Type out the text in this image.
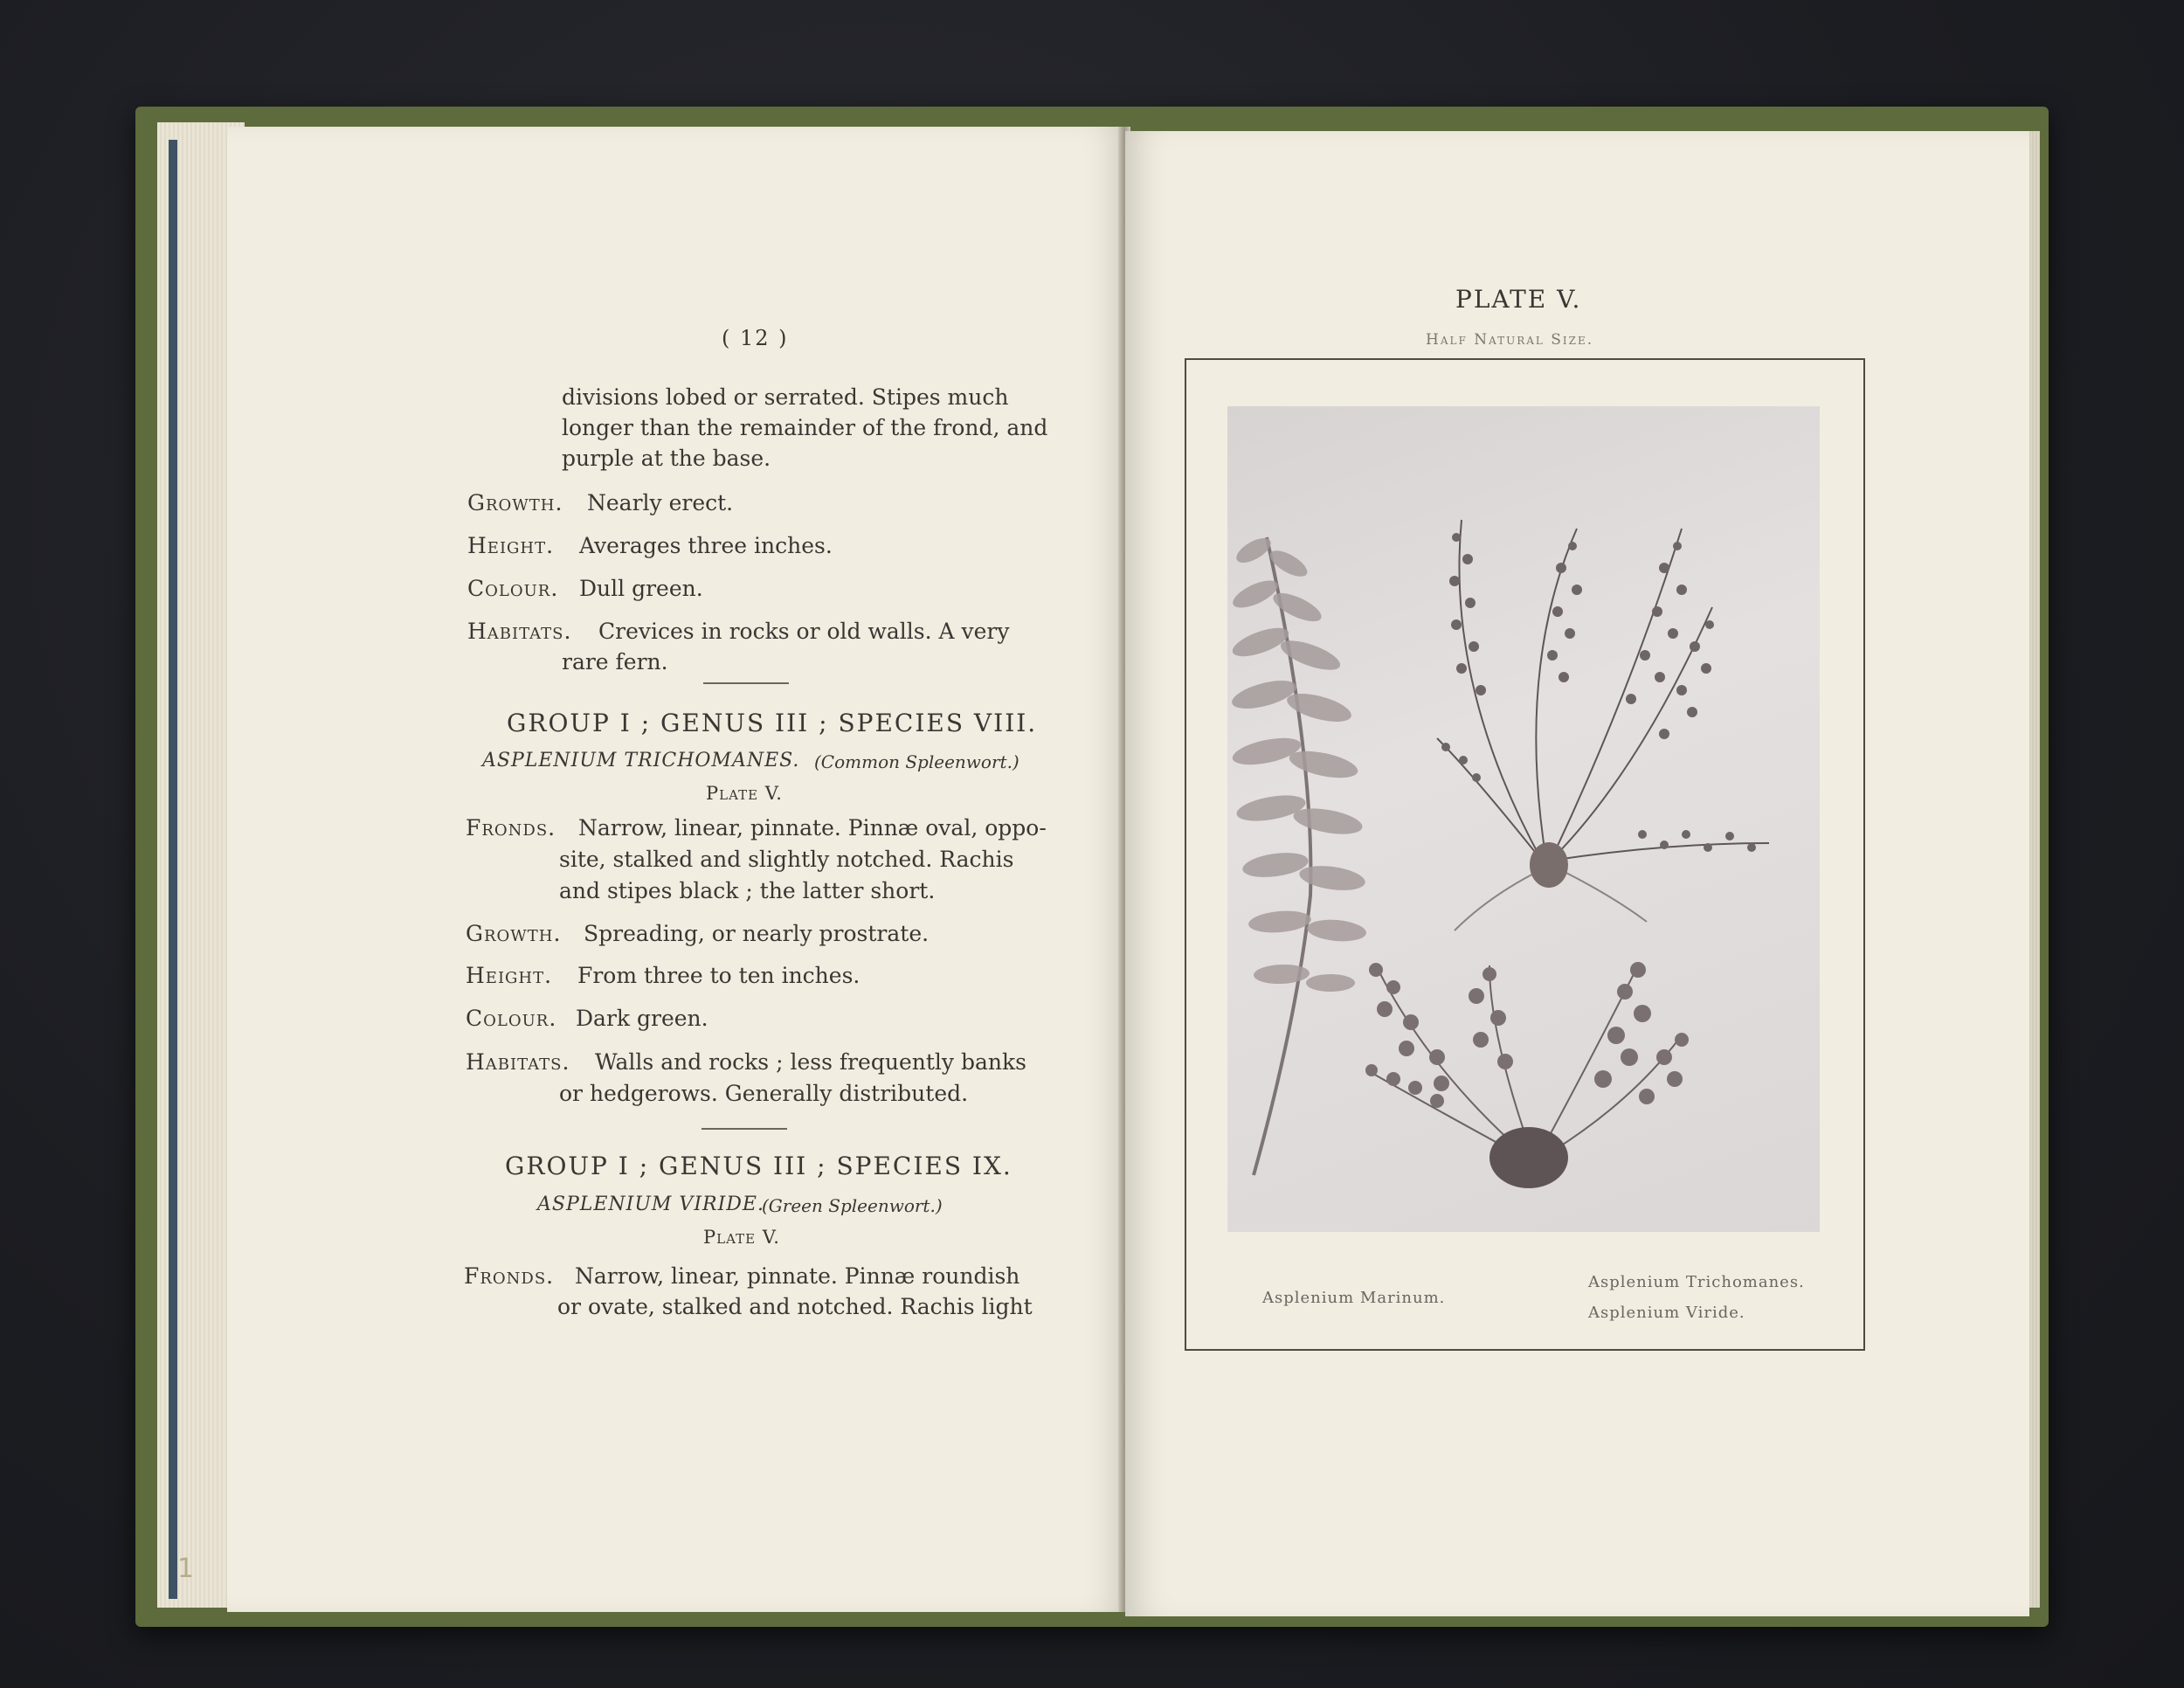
1
( 12 )
divisions lobed or serrated. Stipes much
longer than the remainder of the frond, and
purple at the base.
Growth. Nearly erect.
Height. Averages three inches.
Colour. Dull green.
Habitats. Crevices in rocks or old walls. A very
rare fern.
GROUP I ; GENUS III ; SPECIES VIII.
ASPLENIUM TRICHOMANES. (Common Spleenwort.)
Plate V.
Fronds. Narrow, linear, pinnate. Pinnæ oval, oppo-
site, stalked and slightly notched. Rachis
and stipes black ; the latter short.
Growth. Spreading, or nearly prostrate.
Height. From three to ten inches.
Colour. Dark green.
Habitats. Walls and rocks ; less frequently banks
or hedgerows. Generally distributed.
GROUP I ; GENUS III ; SPECIES IX.
ASPLENIUM VIRIDE.
(Green Spleenwort.)
Plate V.
Fronds. Narrow, linear, pinnate. Pinnæ roundish
or ovate, stalked and notched. Rachis light
PLATE V.
Half Natural Size.
Asplenium Marinum.
Asplenium Trichomanes.
Asplenium Viride.
